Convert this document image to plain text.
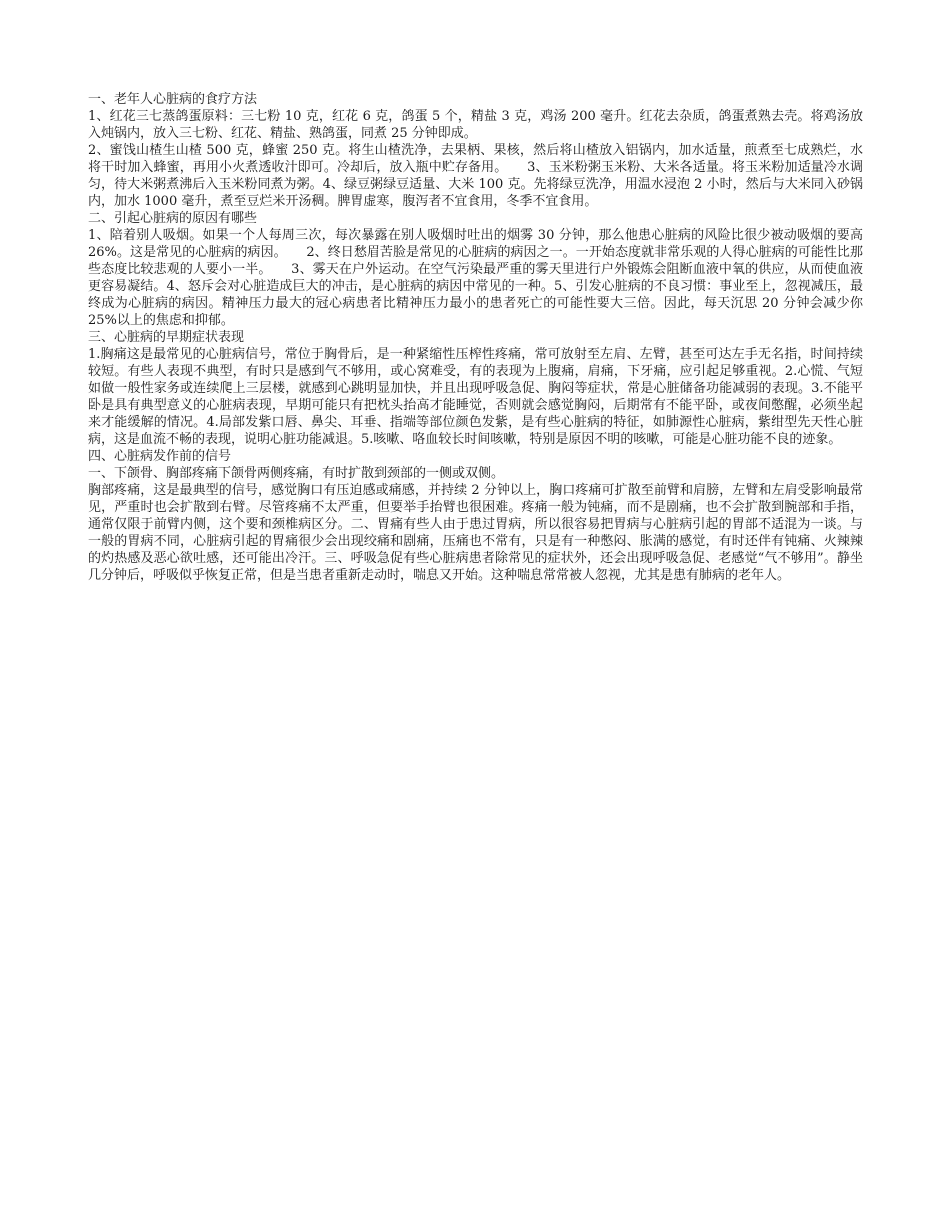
一、老年人心脏病的食疗方法

1、红花三七蒸鸽蛋原料：三七粉 10 克，红花 6 克，鸽蛋 5 个，精盐 3 克，鸡汤 200 毫升。红花去杂质，鸽蛋煮熟去壳。将鸡汤放入炖锅内，放入三七粉、红花、精盐、熟鸽蛋，同煮 25 分钟即成。

2、蜜饯山楂生山楂 500 克，蜂蜜 250 克。将生山楂洗净，去果柄、果核，然后将山楂放入铝锅内，加水适量，煎煮至七成熟烂，水将干时加入蜂蜜，再用小火煮透收汁即可。冷却后，放入瓶中贮存备用。　　3、玉米粉粥玉米粉、大米各适量。将玉米粉加适量冷水调匀，待大米粥煮沸后入玉米粉同煮为粥。4、绿豆粥绿豆适量、大米 100 克。先将绿豆洗净，用温水浸泡 2 小时，然后与大米同入砂锅内，加水 1000 毫升，煮至豆烂米开汤稠。脾胃虚寒，腹泻者不宜食用，冬季不宜食用。

二、引起心脏病的原因有哪些

1、陪着别人吸烟。如果一个人每周三次，每次暴露在别人吸烟时吐出的烟雾 30 分钟，那么他患心脏病的风险比很少被动吸烟的要高 26%。这是常见的心脏病的病因。　　2、终日愁眉苦脸是常见的心脏病的病因之一。一开始态度就非常乐观的人得心脏病的可能性比那些态度比较悲观的人要小一半。　　3、雾天在户外运动。在空气污染最严重的雾天里进行户外锻炼会阻断血液中氧的供应，从而使血液更容易凝结。4、怒斥会对心脏造成巨大的冲击，是心脏病的病因中常见的一种。5、引发心脏病的不良习惯：事业至上，忽视减压，最终成为心脏病的病因。精神压力最大的冠心病患者比精神压力最小的患者死亡的可能性要大三倍。因此，每天沉思 20 分钟会减少你 25%以上的焦虑和抑郁。

三、心脏病的早期症状表现

1.胸痛这是最常见的心脏病信号，常位于胸骨后，是一种紧缩性压榨性疼痛，常可放射至左肩、左臂，甚至可达左手无名指，时间持续较短。有些人表现不典型，有时只是感到气不够用，或心窝难受，有的表现为上腹痛，肩痛，下牙痛，应引起足够重视。2.心慌、气短如做一般性家务或连续爬上三层楼，就感到心跳明显加快，并且出现呼吸急促、胸闷等症状，常是心脏储备功能减弱的表现。3.不能平卧是具有典型意义的心脏病表现，早期可能只有把枕头抬高才能睡觉，否则就会感觉胸闷，后期常有不能平卧，或夜间憋醒，必须坐起来才能缓解的情况。4.局部发紫口唇、鼻尖、耳垂、指端等部位颜色发紫，是有些心脏病的特征，如肺源性心脏病，紫绀型先天性心脏病，这是血流不畅的表现，说明心脏功能减退。5.咳嗽、咯血较长时间咳嗽，特别是原因不明的咳嗽，可能是心脏功能不良的迹象。

四、心脏病发作前的信号

一、下颌骨、胸部疼痛下颌骨两侧疼痛，有时扩散到颈部的一侧或双侧。

胸部疼痛，这是最典型的信号，感觉胸口有压迫感或痛感，并持续 2 分钟以上，胸口疼痛可扩散至前臂和肩膀，左臂和左肩受影响最常见，严重时也会扩散到右臂。尽管疼痛不太严重，但要举手抬臂也很困难。疼痛一般为钝痛，而不是剧痛，也不会扩散到腕部和手指，通常仅限于前臂内侧，这个要和颈椎病区分。二、胃痛有些人由于患过胃病，所以很容易把胃病与心脏病引起的胃部不适混为一谈。与一般的胃病不同，心脏病引起的胃痛很少会出现绞痛和剧痛，压痛也不常有，只是有一种憋闷、胀满的感觉，有时还伴有钝痛、火辣辣的灼热感及恶心欲吐感，还可能出冷汗。三、呼吸急促有些心脏病患者除常见的症状外，还会出现呼吸急促、老感觉“气不够用”。静坐几分钟后，呼吸似乎恢复正常，但是当患者重新走动时，喘息又开始。这种喘息常常被人忽视，尤其是患有肺病的老年人。
